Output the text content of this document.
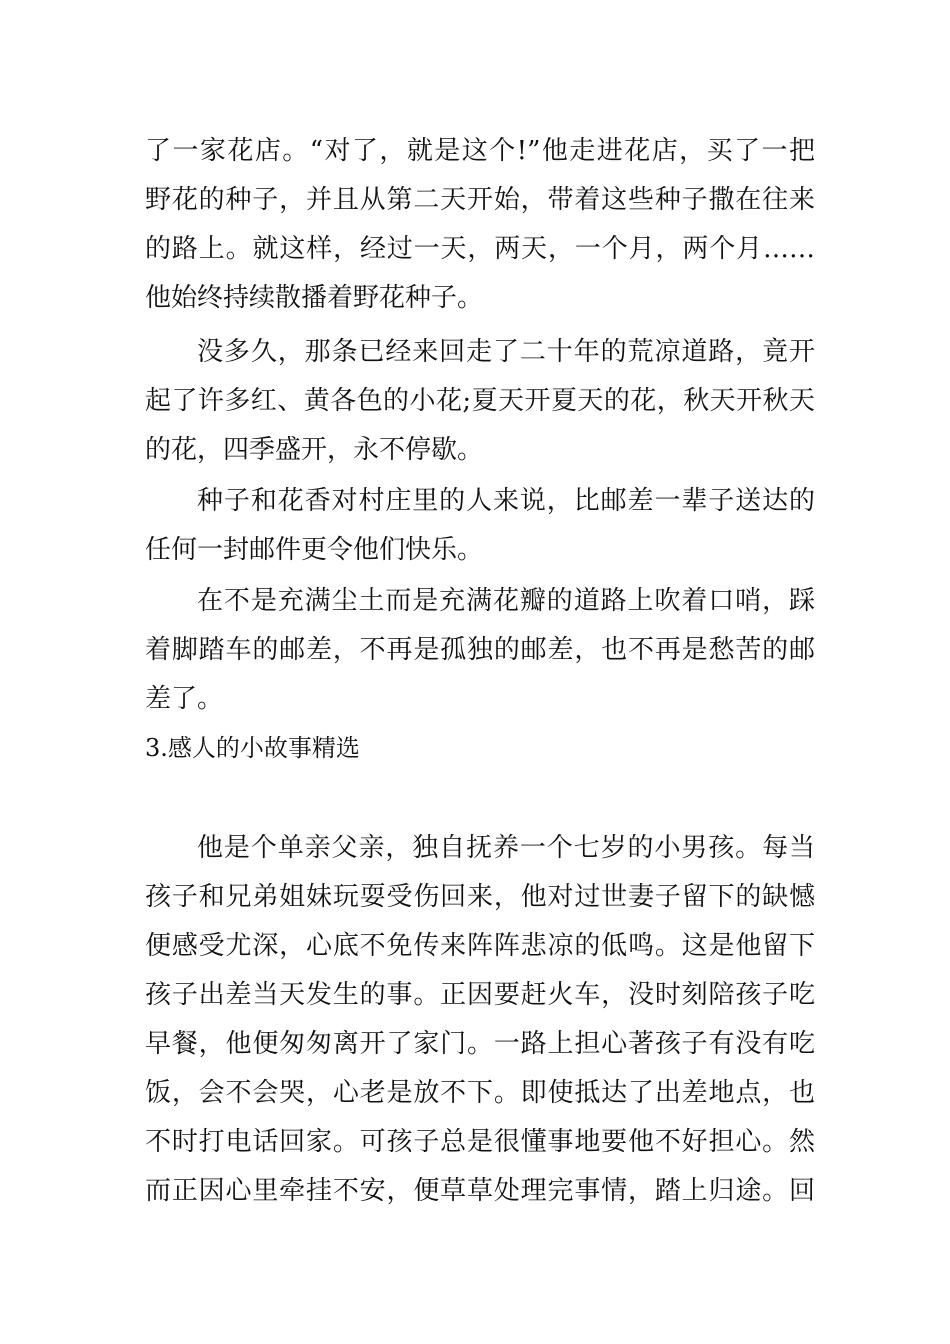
了一家花店。“对了，就是这个!”他走进花店，买了一把

野花的种子，并且从第二天开始，带着这些种子撒在往来

的路上。就这样，经过一天，两天，一个月，两个月……

他始终持续散播着野花种子。

没多久，那条已经来回走了二十年的荒凉道路，竟开

起了许多红、黄各色的小花;夏天开夏天的花，秋天开秋天

的花，四季盛开，永不停歇。

种子和花香对村庄里的人来说，比邮差一辈子送达的

任何一封邮件更令他们快乐。

在不是充满尘土而是充满花瓣的道路上吹着口哨，踩

着脚踏车的邮差，不再是孤独的邮差，也不再是愁苦的邮

差了。

3.感人的小故事精选

他是个单亲父亲，独自抚养一个七岁的小男孩。每当

孩子和兄弟姐妹玩耍受伤回来，他对过世妻子留下的缺憾

便感受尤深，心底不免传来阵阵悲凉的低鸣。这是他留下

孩子出差当天发生的事。正因要赶火车，没时刻陪孩子吃

早餐，他便匆匆离开了家门。一路上担心著孩子有没有吃

饭，会不会哭，心老是放不下。即使抵达了出差地点，也

不时打电话回家。可孩子总是很懂事地要他不好担心。然

而正因心里牵挂不安，便草草处理完事情，踏上归途。回
